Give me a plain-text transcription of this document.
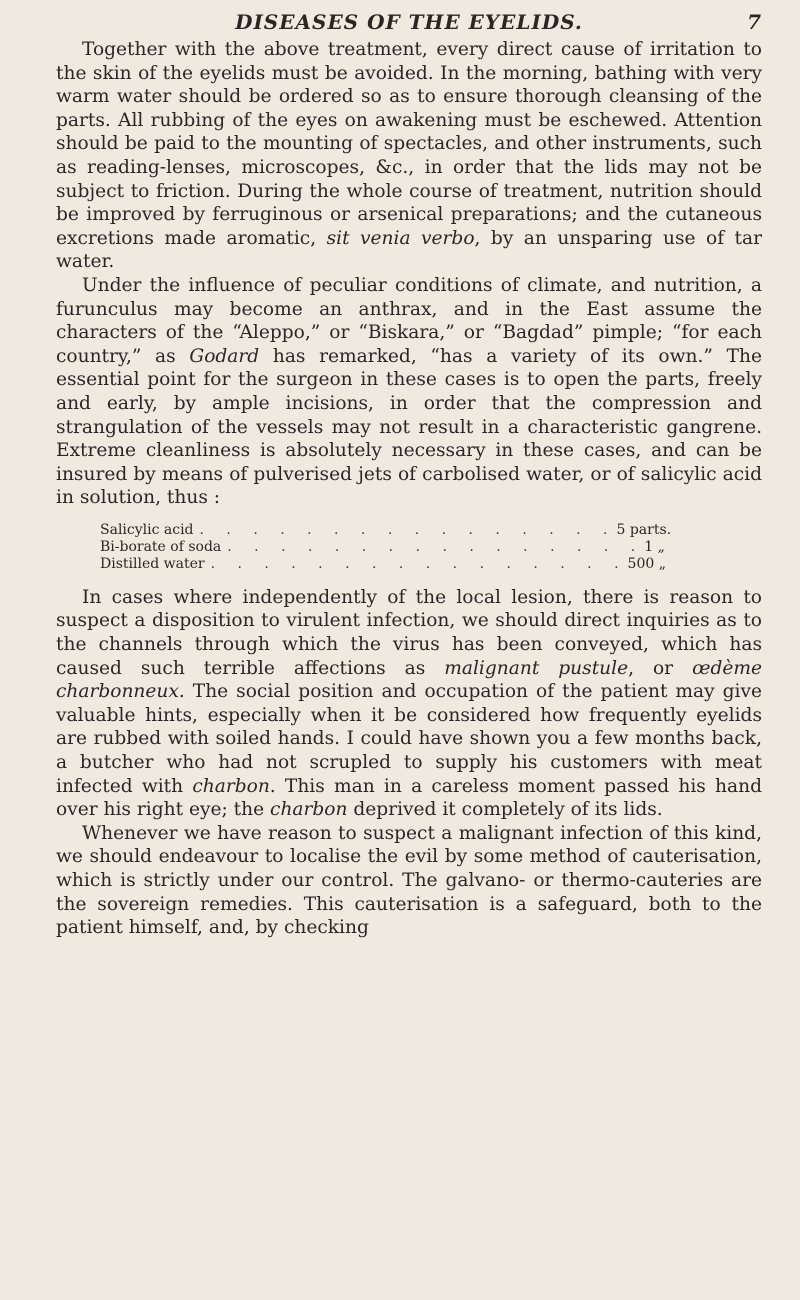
DISEASES OF THE EYELIDS.	7

Together with the above treatment, every direct cause of irritation to the skin of the eyelids must be avoided. In the morning, bathing with very warm water should be ordered so as to ensure thorough cleansing of the parts. All rubbing of the eyes on awakening must be eschewed. Attention should be paid to the mounting of spectacles, and other instruments, such as reading-lenses, microscopes, &c., in order that the lids may not be subject to friction. During the whole course of treatment, nutrition should be improved by ferruginous or arsenical preparations; and the cutaneous excretions made aromatic, sit venia verbo, by an unsparing use of tar water.

Under the influence of peculiar conditions of climate, and nutrition, a furunculus may become an anthrax, and in the East assume the characters of the “Aleppo,” or “Biskara,” or “Bagdad” pimple; “for each country,” as Godard has remarked, “has a variety of its own.” The essential point for the surgeon in these cases is to open the parts, freely and early, by ample incisions, in order that the compression and strangulation of the vessels may not result in a characteristic gangrene. Extreme cleanliness is absolutely necessary in these cases, and can be insured by means of pulverised jets of carbolised water, or of salicylic acid in solution, thus :

Salicylic acid . . . . . . . . . . . . . . . . 5 parts.
Bi-borate of soda . . . . . . . . . . . . . . . . 1 „
Distilled water . . . . . . . . . . . . . . . . 500 „

In cases where independently of the local lesion, there is reason to suspect a disposition to virulent infection, we should direct inquiries as to the channels through which the virus has been conveyed, which has caused such terrible affections as malignant pustule, or œdème charbonneux. The social position and occupation of the patient may give valuable hints, especially when it be considered how frequently eyelids are rubbed with soiled hands. I could have shown you a few months back, a butcher who had not scrupled to supply his customers with meat infected with charbon. This man in a careless moment passed his hand over his right eye; the charbon deprived it completely of its lids.

Whenever we have reason to suspect a malignant infection of this kind, we should endeavour to localise the evil by some method of cauterisation, which is strictly under our control. The galvano- or thermo-cauteries are the sovereign remedies. This cauterisation is a safeguard, both to the patient himself, and, by checking
